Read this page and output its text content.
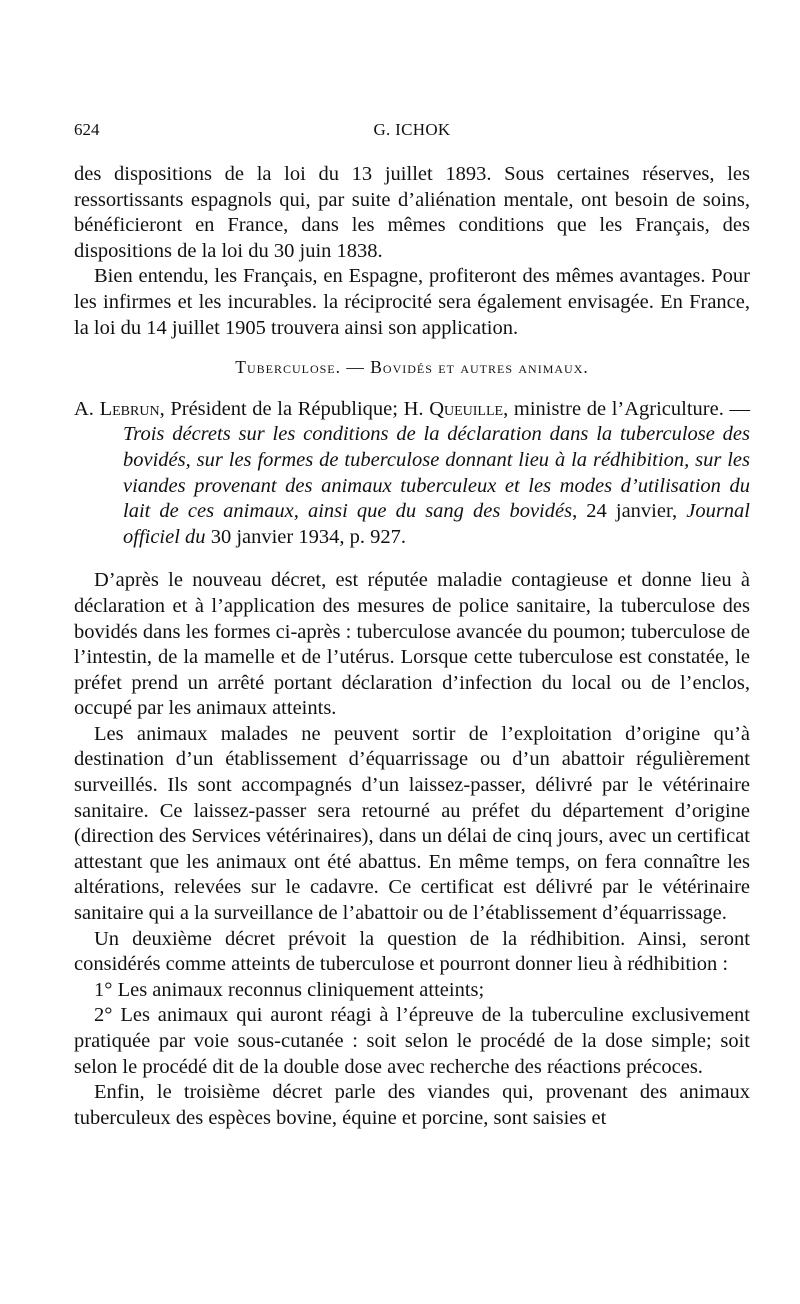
624	G. ICHOK

des dispositions de la loi du 13 juillet 1893. Sous certaines réserves, les ressortissants espagnols qui, par suite d’aliénation mentale, ont besoin de soins, bénéficieront en France, dans les mêmes conditions que les Français, des dispositions de la loi du 30 juin 1838.

Bien entendu, les Français, en Espagne, profiteront des mêmes avantages. Pour les infirmes et les incurables. la réciprocité sera également envisagée. En France, la loi du 14 juillet 1905 trouvera ainsi son application.

Tuberculose. — Bovidés et autres animaux.
A. Lebrun, Président de la République; H. Queuille, ministre de l’Agriculture. — Trois décrets sur les conditions de la déclaration dans la tuberculose des bovidés, sur les formes de tuberculose donnant lieu à la rédhibition, sur les viandes provenant des animaux tuberculeux et les modes d’utilisation du lait de ces animaux, ainsi que du sang des bovidés, 24 janvier, Journal officiel du 30 janvier 1934, p. 927.

D’après le nouveau décret, est réputée maladie contagieuse et donne lieu à déclaration et à l’application des mesures de police sanitaire, la tuberculose des bovidés dans les formes ci-après : tuberculose avancée du poumon; tuberculose de l’intestin, de la mamelle et de l’utérus. Lorsque cette tuberculose est constatée, le préfet prend un arrêté portant déclaration d’infection du local ou de l’enclos, occupé par les animaux atteints.

Les animaux malades ne peuvent sortir de l’exploitation d’origine qu’à destination d’un établissement d’équarrissage ou d’un abattoir régulièrement surveillés. Ils sont accompagnés d’un laissez-passer, délivré par le vétérinaire sanitaire. Ce laissez-passer sera retourné au préfet du département d’origine (direction des Services vétérinaires), dans un délai de cinq jours, avec un certificat attestant que les animaux ont été abattus. En même temps, on fera connaître les altérations, relevées sur le cadavre. Ce certificat est délivré par le vétérinaire sanitaire qui a la surveillance de l’abattoir ou de l’établissement d’équarrissage.

Un deuxième décret prévoit la question de la rédhibition. Ainsi, seront considérés comme atteints de tuberculose et pourront donner lieu à rédhibition :

1° Les animaux reconnus cliniquement atteints;

2° Les animaux qui auront réagi à l’épreuve de la tuberculine exclusivement pratiquée par voie sous-cutanée : soit selon le procédé de la dose simple; soit selon le procédé dit de la double dose avec recherche des réactions précoces.

Enfin, le troisième décret parle des viandes qui, provenant des animaux tuberculeux des espèces bovine, équine et porcine, sont saisies et
